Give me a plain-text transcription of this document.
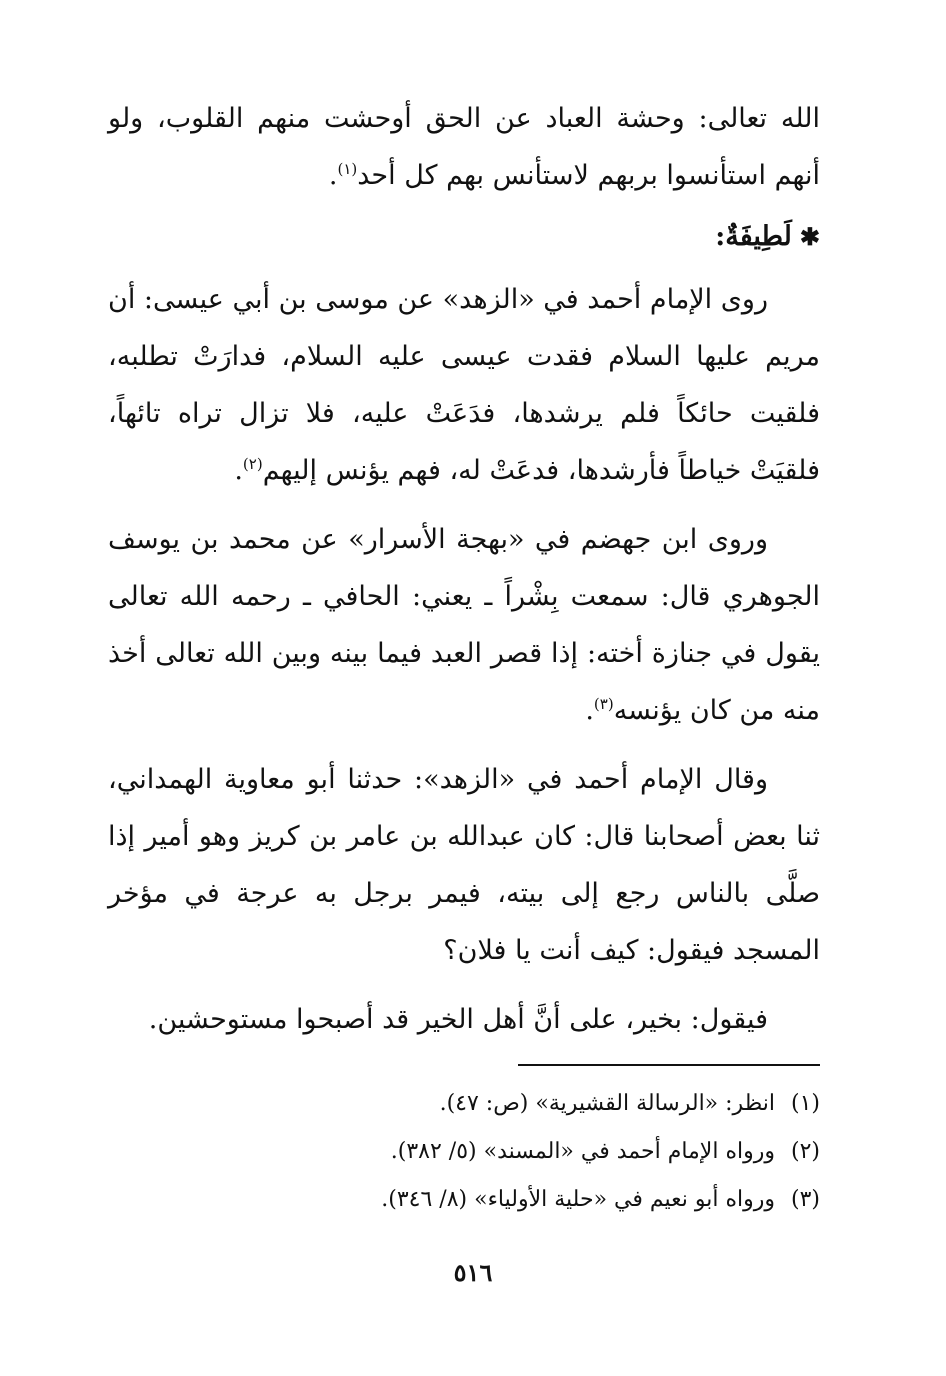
الله تعالى: وحشة العباد عن الحق أوحشت منهم القلوب، ولو أنهم استأنسوا بربهم لاستأنس بهم كل أحد$^{(١)}$.

✱لَطِيفَةٌ:

روى الإمام أحمد في «الزهد» عن موسى بن أبي عيسى: أن مريم عليها السلام فقدت عيسى عليه السلام، فدارَتْ تطلبه، فلقيت حائكاً فلم يرشدها، فدَعَتْ عليه، فلا تزال تراه تائهاً، فلقيَتْ خياطاً فأرشدها، فدعَتْ له، فهم يؤنس إليهم$^{(٢)}$.

وروى ابن جهضم في «بهجة الأسرار» عن محمد بن يوسف الجوهري قال: سمعت بِشْراً ـ يعني: الحافي ـ رحمه الله تعالى يقول في جنازة أخته: إذا قصر العبد فيما بينه وبين الله تعالى أخذ منه من كان يؤنسه$^{(٣)}$.

وقال الإمام أحمد في «الزهد»: حدثنا أبو معاوية الهمداني، ثنا بعض أصحابنا قال: كان عبدالله بن عامر بن كريز وهو أمير إذا صلَّى بالناس رجع إلى بيته، فيمر برجل به عرجة في مؤخر المسجد فيقول: كيف أنت يا فلان؟

فيقول: بخير، على أنَّ أهل الخير قد أصبحوا مستوحشين.

(١)انظر: «الرسالة القشيرية» (ص: ٤٧).

(٢)ورواه الإمام أحمد في «المسند» (٥/ ٣٨٢).

(٣)ورواه أبو نعيم في «حلية الأولياء» (٨/ ٣٤٦).

٥١٦
